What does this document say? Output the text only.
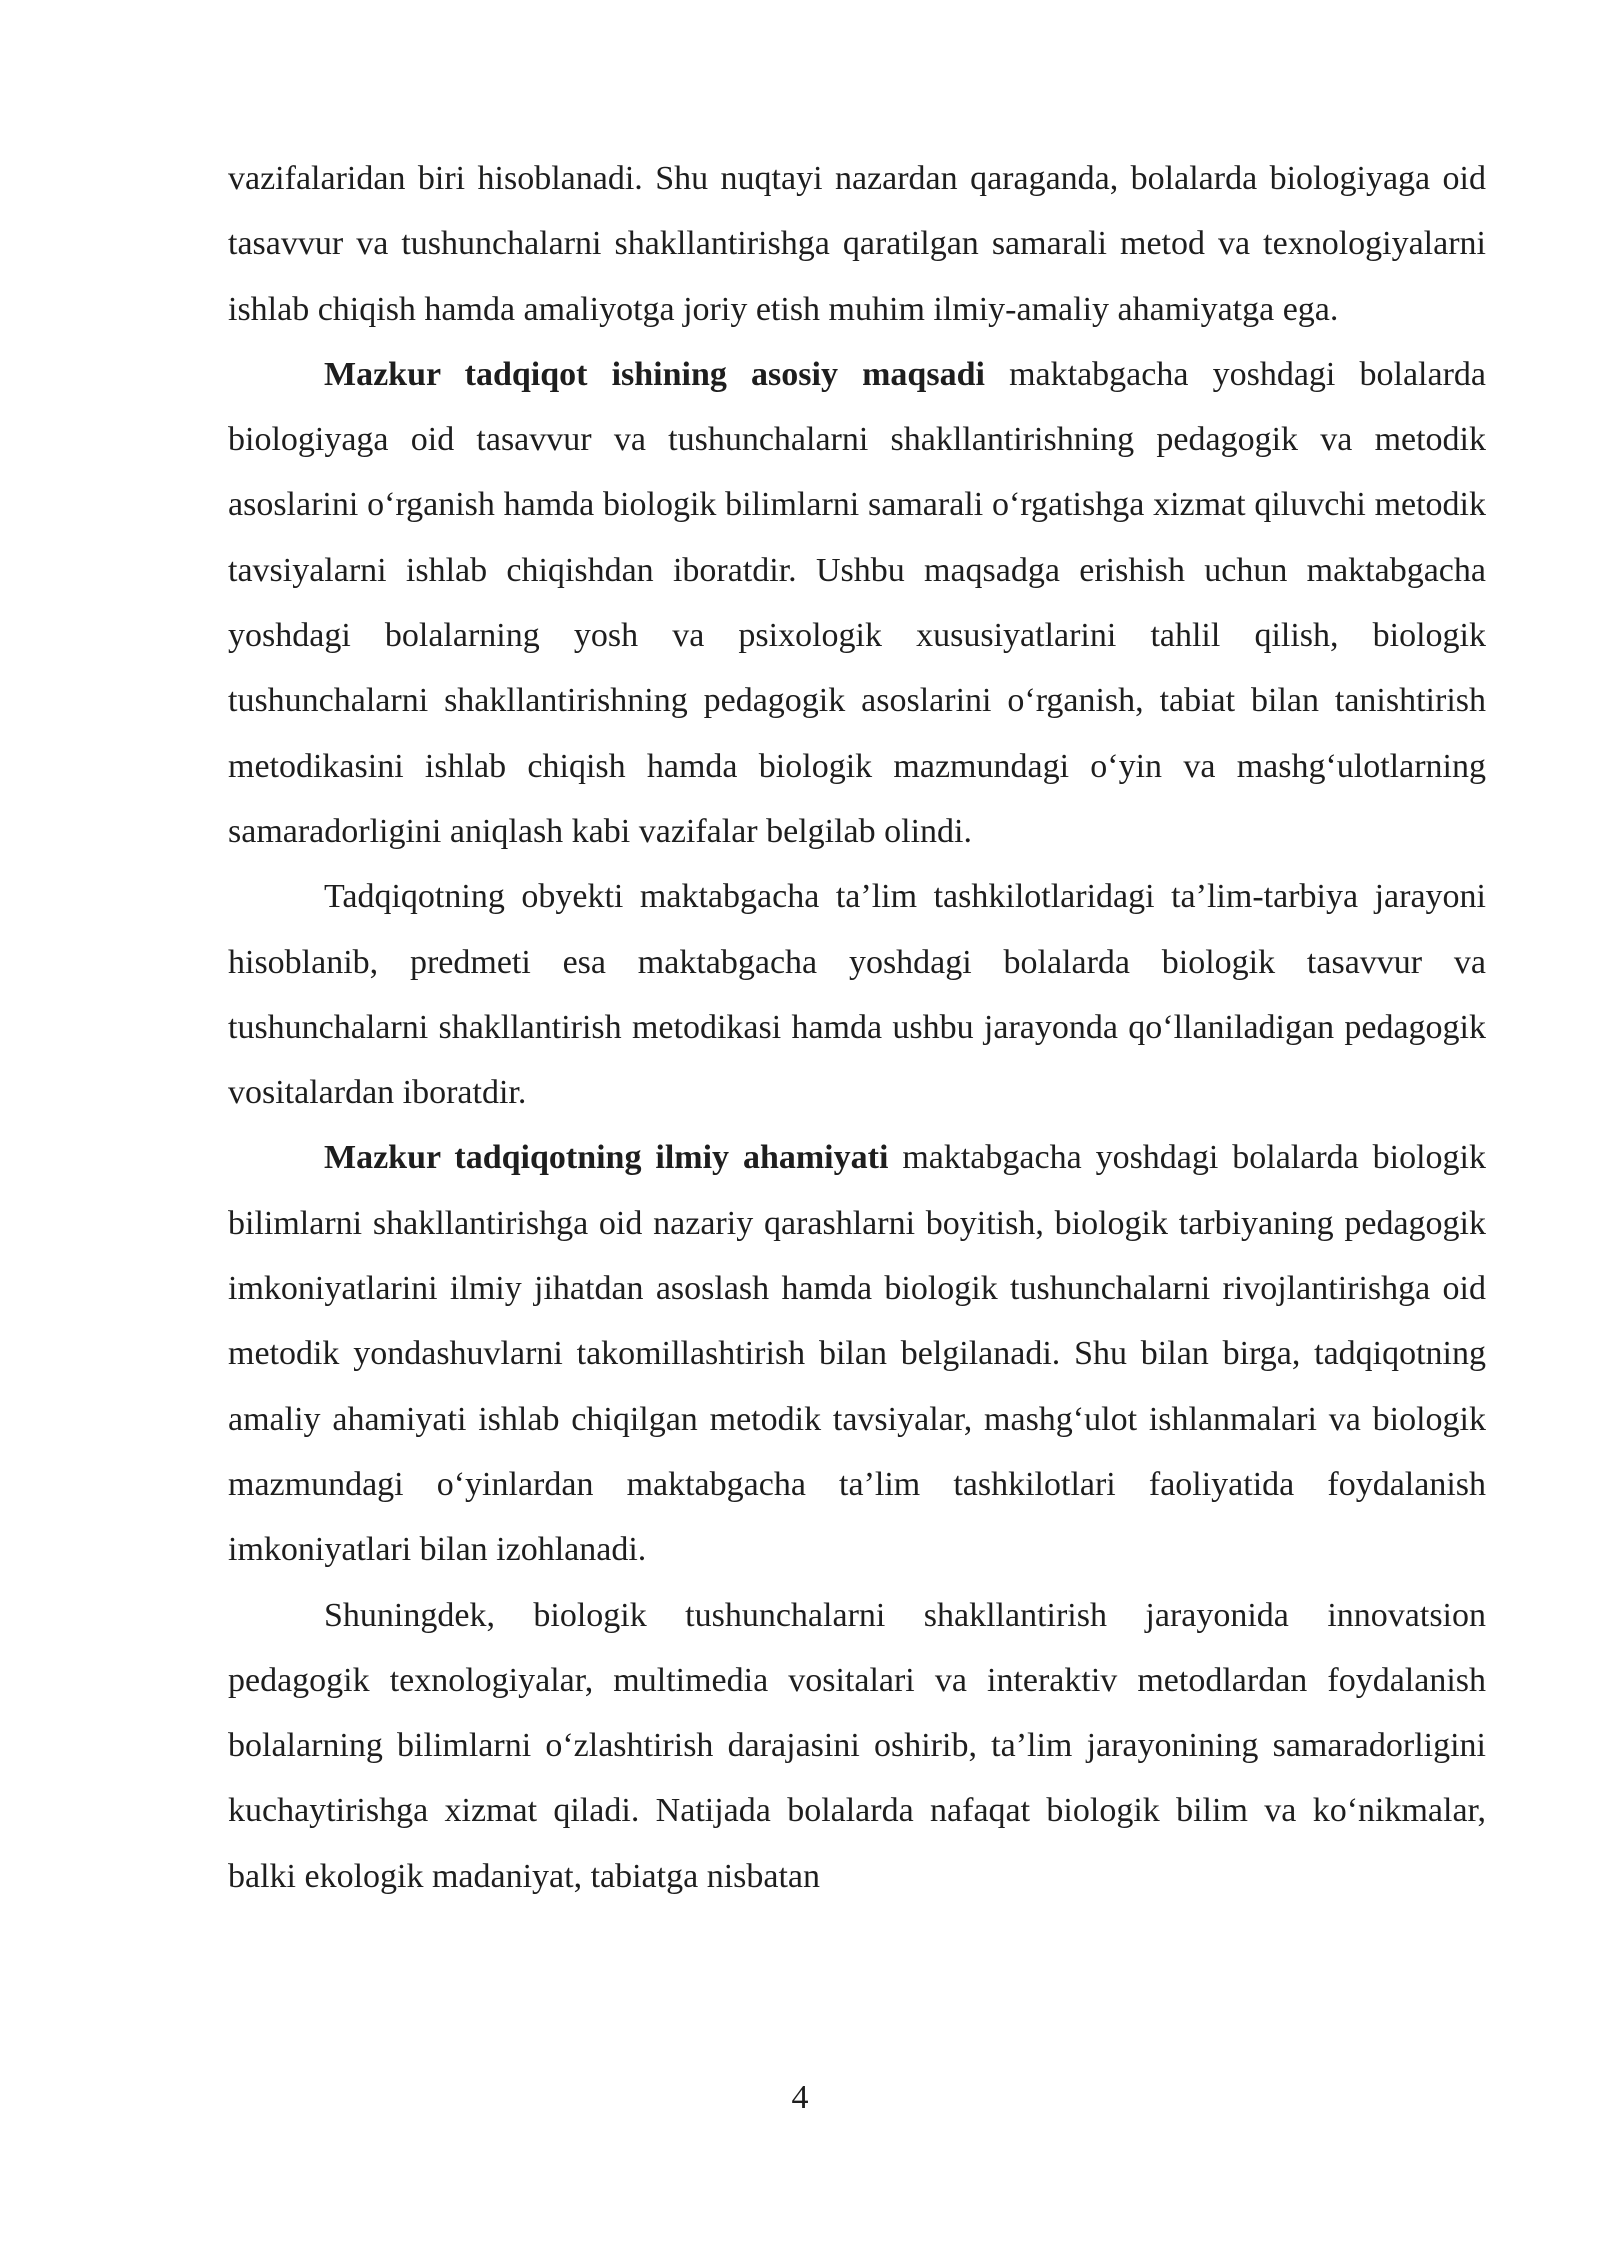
vazifalaridan biri hisoblanadi. Shu nuqtayi nazardan qaraganda, bolalarda biologiyaga oid tasavvur va tushunchalarni shakllantirishga qaratilgan samarali metod va texnologiyalarni ishlab chiqish hamda amaliyotga joriy etish muhim ilmiy-amaliy ahamiyatga ega.

Mazkur tadqiqot ishining asosiy maqsadi maktabgacha yoshdagi bolalarda biologiyaga oid tasavvur va tushunchalarni shakllantirishning pedagogik va metodik asoslarini o‘rganish hamda biologik bilimlarni samarali o‘rgatishga xizmat qiluvchi metodik tavsiyalarni ishlab chiqishdan iboratdir. Ushbu maqsadga erishish uchun maktabgacha yoshdagi bolalarning yosh va psixologik xususiyatlarini tahlil qilish, biologik tushunchalarni shakllantirishning pedagogik asoslarini o‘rganish, tabiat bilan tanishtirish metodikasini ishlab chiqish hamda biologik mazmundagi o‘yin va mashg‘ulotlarning samaradorligini aniqlash kabi vazifalar belgilab olindi.

Tadqiqotning obyekti maktabgacha ta’lim tashkilotlaridagi ta’lim-tarbiya jarayoni hisoblanib, predmeti esa maktabgacha yoshdagi bolalarda biologik tasavvur va tushunchalarni shakllantirish metodikasi hamda ushbu jarayonda qo‘llaniladigan pedagogik vositalardan iboratdir.

Mazkur tadqiqotning ilmiy ahamiyati maktabgacha yoshdagi bolalarda biologik bilimlarni shakllantirishga oid nazariy qarashlarni boyitish, biologik tarbiyaning pedagogik imkoniyatlarini ilmiy jihatdan asoslash hamda biologik tushunchalarni rivojlantirishga oid metodik yondashuvlarni takomillashtirish bilan belgilanadi. Shu bilan birga, tadqiqotning amaliy ahamiyati ishlab chiqilgan metodik tavsiyalar, mashg‘ulot ishlanmalari va biologik mazmundagi o‘yinlardan maktabgacha ta’lim tashkilotlari faoliyatida foydalanish imkoniyatlari bilan izohlanadi.

Shuningdek, biologik tushunchalarni shakllantirish jarayonida innovatsion pedagogik texnologiyalar, multimedia vositalari va interaktiv metodlardan foydalanish bolalarning bilimlarni o‘zlashtirish darajasini oshirib, ta’lim jarayonining samaradorligini kuchaytirishga xizmat qiladi. Natijada bolalarda nafaqat biologik bilim va ko‘nikmalar, balki ekologik madaniyat, tabiatga nisbatan

4
